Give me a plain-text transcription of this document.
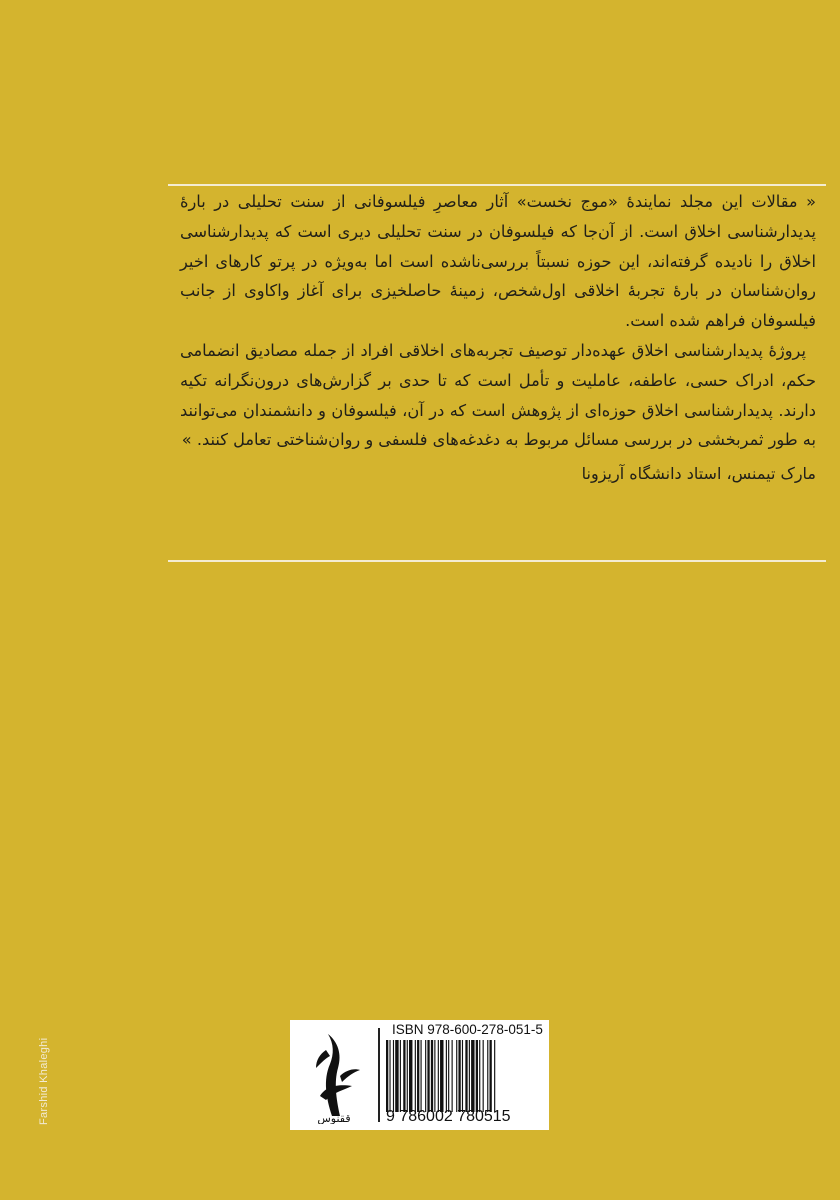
« مقالات این مجلد نمایندهٔ «موج نخست» آثار معاصرِ فیلسوفانی از سنت تحلیلی در بارهٔ پدیدارشناسی اخلاق است. از آن‌جا که فیلسوفان در سنت تحلیلی دیری است که پدیدارشناسی اخلاق را نادیده گرفته‌اند، این حوزه نسبتاً بررسی‌ناشده است اما به‌ویژه در پرتو کارهای اخیر روان‌شناسان در بارهٔ تجربهٔ اخلاقی اول‌شخص، زمینهٔ حاصلخیزی برای آغاز واکاوی از جانب فیلسوفان فراهم شده است.

پروژهٔ پدیدارشناسی اخلاق عهده‌دار توصیف تجربه‌های اخلاقی افراد از جمله مصادیق انضمامی حکم، ادراک حسی، عاطفه، عاملیت و تأمل است که تا حدی بر گزارش‌های درون‌نگرانه تکیه دارند. پدیدارشناسی اخلاق حوزه‌ای از پژوهش است که در آن، فیلسوفان و دانشمندان می‌توانند به طور ثمربخشی در بررسی مسائل مربوط به دغدغه‌های فلسفی و روان‌شناختی تعامل کنند. »

مارک تیمنس، استاد دانشگاه آریزونا

Farshid Khaleghi	ققنوس
ISBN 978-600-278-051-5
9 786002 780515
